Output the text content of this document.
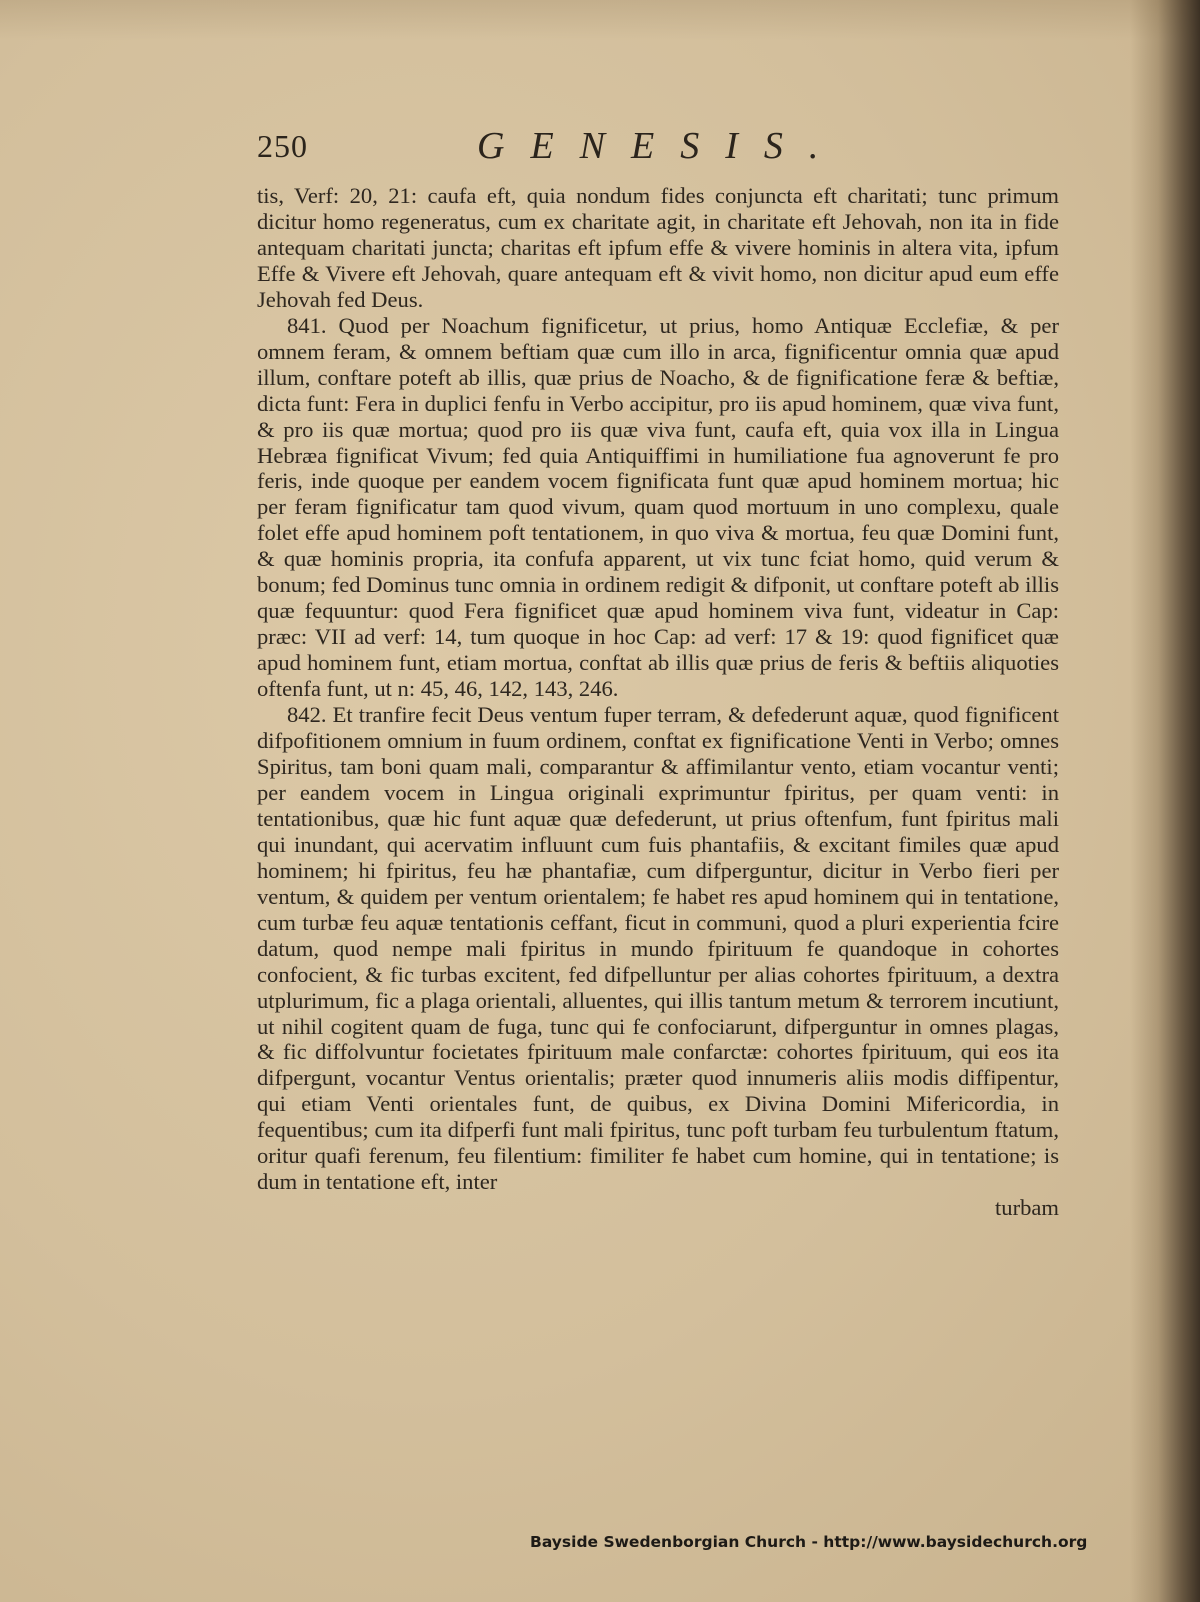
250	GENESIS.

tis, Verf: 20, 21: caufa eft, quia nondum fides conjuncta eft charitati; tunc primum dicitur homo regeneratus, cum ex charitate agit, in charitate eft Jehovah, non ita in fide antequam charitati juncta; charitas eft ipfum effe & vivere hominis in altera vita, ipfum Effe & Vivere eft Jehovah, quare antequam eft & vivit homo, non dicitur apud eum effe Jehovah fed Deus.

841. Quod per Noachum fignificetur, ut prius, homo Antiquæ Ecclefiæ, & per omnem feram, & omnem beftiam quæ cum illo in arca, fignificentur omnia quæ apud illum, conftare poteft ab illis, quæ prius de Noacho, & de fignificatione feræ & beftiæ, dicta funt: Fera in duplici fenfu in Verbo accipitur, pro iis apud hominem, quæ viva funt, & pro iis quæ mortua; quod pro iis quæ viva funt, caufa eft, quia vox illa in Lingua Hebræa fignificat Vivum; fed quia Antiquiffimi in humiliatione fua agnoverunt fe pro feris, inde quoque per eandem vocem fignificata funt quæ apud hominem mortua; hic per feram fignificatur tam quod vivum, quam quod mortuum in uno complexu, quale folet effe apud hominem poft tentationem, in quo viva & mortua, feu quæ Domini funt, & quæ hominis propria, ita confufa apparent, ut vix tunc fciat homo, quid verum & bonum; fed Dominus tunc omnia in ordinem redigit & difponit, ut conftare poteft ab illis quæ fequuntur: quod Fera fignificet quæ apud hominem viva funt, videatur in Cap: præc: VII ad verf: 14, tum quoque in hoc Cap: ad verf: 17 & 19: quod fignificet quæ apud hominem funt, etiam mortua, conftat ab illis quæ prius de feris & beftiis aliquoties oftenfa funt, ut n: 45, 46, 142, 143, 246.

842. Et tranfire fecit Deus ventum fuper terram, & defederunt aquæ, quod fignificent difpofitionem omnium in fuum ordinem, conftat ex fignificatione Venti in Verbo; omnes Spiritus, tam boni quam mali, comparantur & affimilantur vento, etiam vocantur venti; per eandem vocem in Lingua originali exprimuntur fpiritus, per quam venti: in tentationibus, quæ hic funt aquæ quæ defederunt, ut prius oftenfum, funt fpiritus mali qui inundant, qui acervatim influunt cum fuis phantafiis, & excitant fimiles quæ apud hominem; hi fpiritus, feu hæ phantafiæ, cum difperguntur, dicitur in Verbo fieri per ventum, & quidem per ventum orientalem; fe habet res apud hominem qui in tentatione, cum turbæ feu aquæ tentationis ceffant, ficut in communi, quod a pluri experientia fcire datum, quod nempe mali fpiritus in mundo fpirituum fe quandoque in cohortes confocient, & fic turbas excitent, fed difpelluntur per alias cohortes fpirituum, a dextra utplurimum, fic a plaga orientali, alluentes, qui illis tantum metum & terrorem incutiunt, ut nihil cogitent quam de fuga, tunc qui fe confociarunt, difperguntur in omnes plagas, & fic diffolvuntur focietates fpirituum male confarctæ: cohortes fpirituum, qui eos ita difpergunt, vocantur Ventus orientalis; præter quod innumeris aliis modis diffipentur, qui etiam Venti orientales funt, de quibus, ex Divina Domini Mifericordia, in fequentibus; cum ita difperfi funt mali fpiritus, tunc poft turbam feu turbulentum ftatum, oritur quafi ferenum, feu filentium: fimiliter fe habet cum homine, qui in tentatione; is dum in tentatione eft, inter

turbam

Bayside Swedenborgian Church - http://www.baysidechurch.org
